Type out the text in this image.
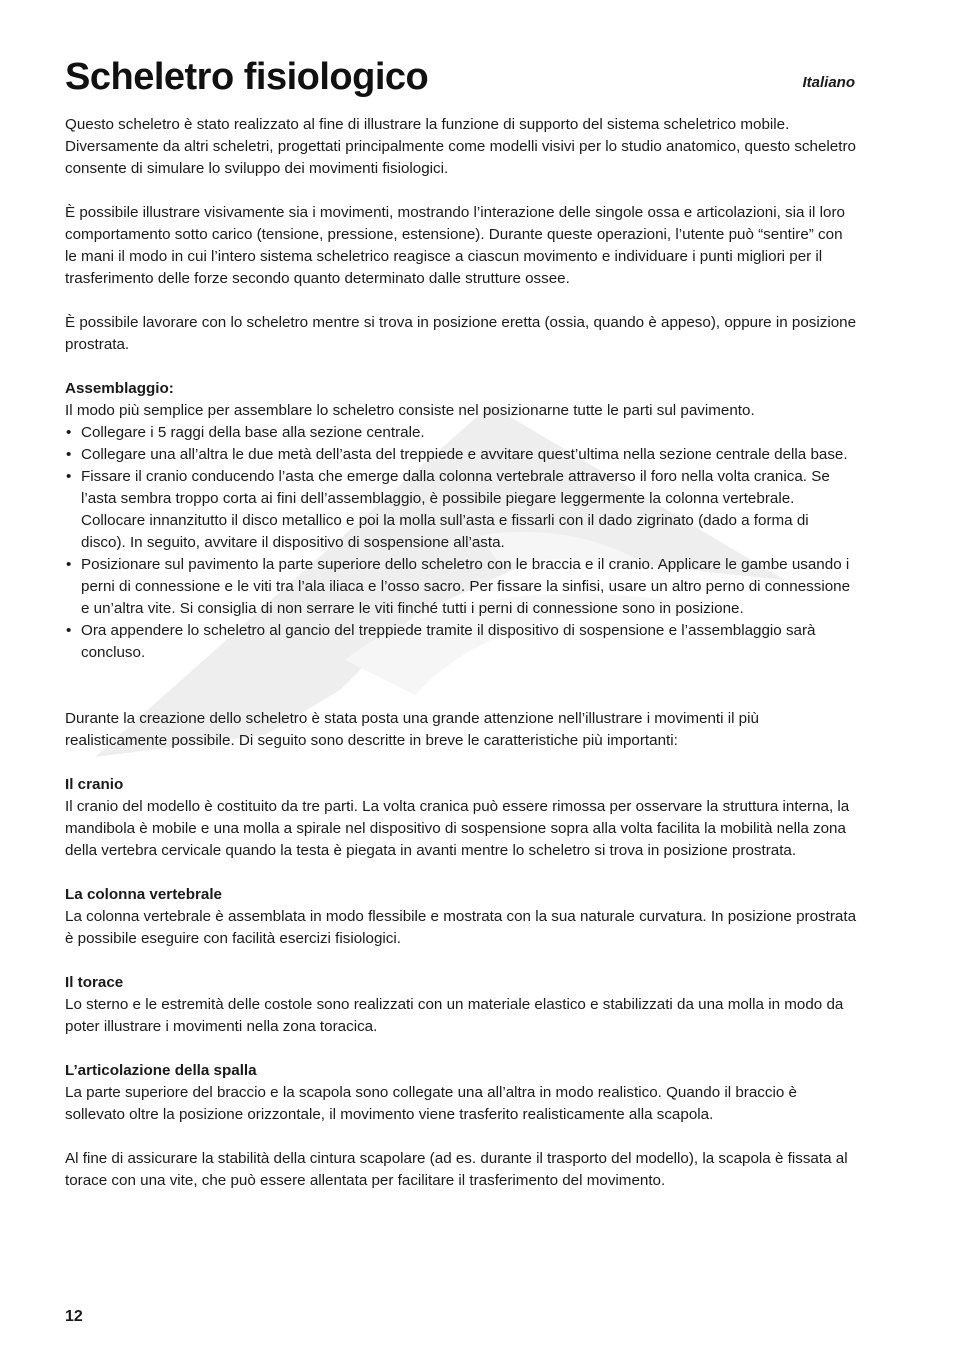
Scheletro fisiologico	Italiano

Questo scheletro è stato realizzato al fine di illustrare la funzione di supporto del sistema scheletrico mobile. Diversamente da altri scheletri, progettati principalmente come modelli visivi per lo studio anatomico, questo scheletro consente di simulare lo sviluppo dei movimenti fisiologici.

È possibile illustrare visivamente sia i movimenti, mostrando l’interazione delle singole ossa e articolazioni, sia il loro comportamento sotto carico (tensione, pressione, estensione). Durante queste operazioni, l’utente può “sentire” con le mani il modo in cui l’intero sistema scheletrico reagisce a ciascun movimento e individuare i punti migliori per il trasferimento delle forze secondo quanto determinato dalle strutture ossee.

È possibile lavorare con lo scheletro mentre si trova in posizione eretta (ossia, quando è appeso), oppure in posizione prostrata.

Assemblaggio:

Il modo più semplice per assemblare lo scheletro consiste nel posizionarne tutte le parti sul pavimento.

• Collegare i 5 raggi della base alla sezione centrale.
• Collegare una all’altra le due metà dell’asta del treppiede e avvitare quest’ultima nella sezione centrale della base.
• Fissare il cranio conducendo l’asta che emerge dalla colonna vertebrale attraverso il foro nella volta cranica. Se l’asta sembra troppo corta ai fini dell’assemblaggio, è possibile piegare leggermente la colonna vertebrale. Collocare innanzitutto il disco metallico e poi la molla sull’asta e fissarli con il dado zigrinato (dado a forma di disco). In seguito, avvitare il dispositivo di sospensione all’asta.
• Posizionare sul pavimento la parte superiore dello scheletro con le braccia e il cranio. Applicare le gambe usando i perni di connessione e le viti tra l’ala iliaca e l’osso sacro. Per fissare la sinfisi, usare un altro perno di connessione e un’altra vite. Si consiglia di non serrare le viti finché tutti i perni di connessione sono in posizione.
• Ora appendere lo scheletro al gancio del treppiede tramite il dispositivo di sospensione e l’assemblaggio sarà concluso.

Durante la creazione dello scheletro è stata posta una grande attenzione nell’illustrare i movimenti il più realisticamente possibile. Di seguito sono descritte in breve le caratteristiche più importanti:

Il cranio

Il cranio del modello è costituito da tre parti. La volta cranica può essere rimossa per osservare la struttura interna, la mandibola è mobile e una molla a spirale nel dispositivo di sospensione sopra alla volta facilita la mobilità nella zona della vertebra cervicale quando la testa è piegata in avanti mentre lo scheletro si trova in posizione prostrata.

La colonna vertebrale

La colonna vertebrale è assemblata in modo flessibile e mostrata con la sua naturale curvatura. In posizione prostrata è possibile eseguire con facilità esercizi fisiologici.

Il torace

Lo sterno e le estremità delle costole sono realizzati con un materiale elastico e stabilizzati da una molla in modo da poter illustrare i movimenti nella zona toracica.

L’articolazione della spalla

La parte superiore del braccio e la scapola sono collegate una all’altra in modo realistico. Quando il braccio è sollevato oltre la posizione orizzontale, il movimento viene trasferito realisticamente alla scapola.

Al fine di assicurare la stabilità della cintura scapolare (ad es. durante il trasporto del modello), la scapola è fissata al torace con una vite, che può essere allentata per facilitare il trasferimento del movimento.

12
